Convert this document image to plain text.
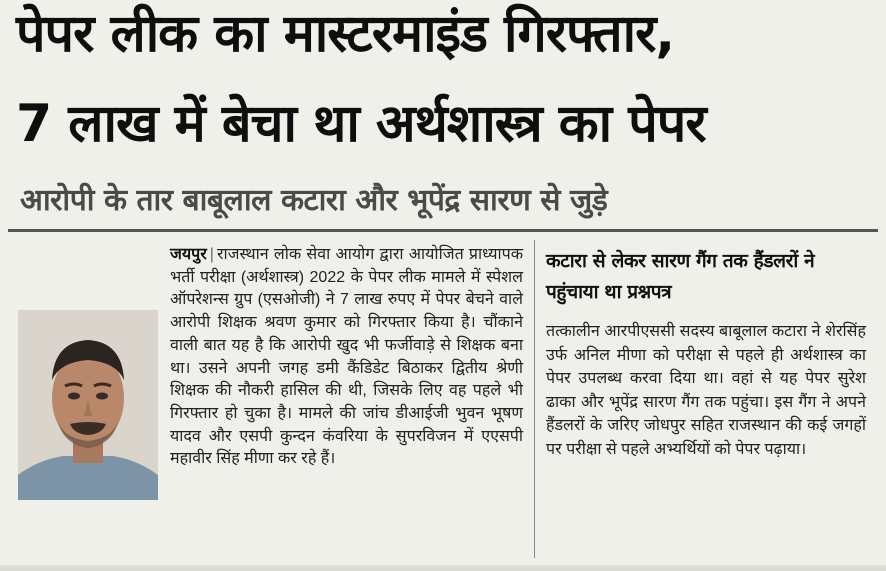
पेपर लीक का मास्टरमाइंड गिरफ्तार,
7 लाख में बेचा था अर्थशास्त्र का पेपर
आरोपी के तार बाबूलाल कटारा और भूपेंद्र सारण से जुड़े
जयपुर | राजस्थान लोक सेवा आयोग द्वारा आयोजित प्राध्यापक भर्ती परीक्षा (अर्थशास्त्र) 2022 के पेपर लीक मामले में स्पेशल ऑपरेशन्स ग्रुप (एसओजी) ने 7 लाख रुपए में पेपर बेचने वाले आरोपी शिक्षक श्रवण कुमार को गिरफ्तार किया है। चौंकाने वाली बात यह है कि आरोपी खुद भी फर्जीवाड़े से शिक्षक बना था। उसने अपनी जगह डमी कैंडिडेट बिठाकर द्वितीय श्रेणी शिक्षक की नौकरी हासिल की थी, जिसके लिए वह पहले भी गिरफ्तार हो चुका है। मामले की जांच डीआईजी भुवन भूषण यादव और एसपी कुन्दन कंवरिया के सुपरविजन में एएसपी महावीर सिंह मीणा कर रहे हैं।
कटारा से लेकर सारण गैंग तक हैंडलरों ने पहुंचाया था प्रश्नपत्र
तत्कालीन आरपीएससी सदस्य बाबूलाल कटारा ने शेरसिंह उर्फ अनिल मीणा को परीक्षा से पहले ही अर्थशास्त्र का पेपर उपलब्ध करवा दिया था। वहां से यह पेपर सुरेश ढाका और भूपेंद्र सारण गैंग तक पहुंचा। इस गैंग ने अपने हैंडलरों के जरिए जोधपुर सहित राजस्थान की कई जगहों पर परीक्षा से पहले अभ्यर्थियों को पेपर पढ़ाया।
